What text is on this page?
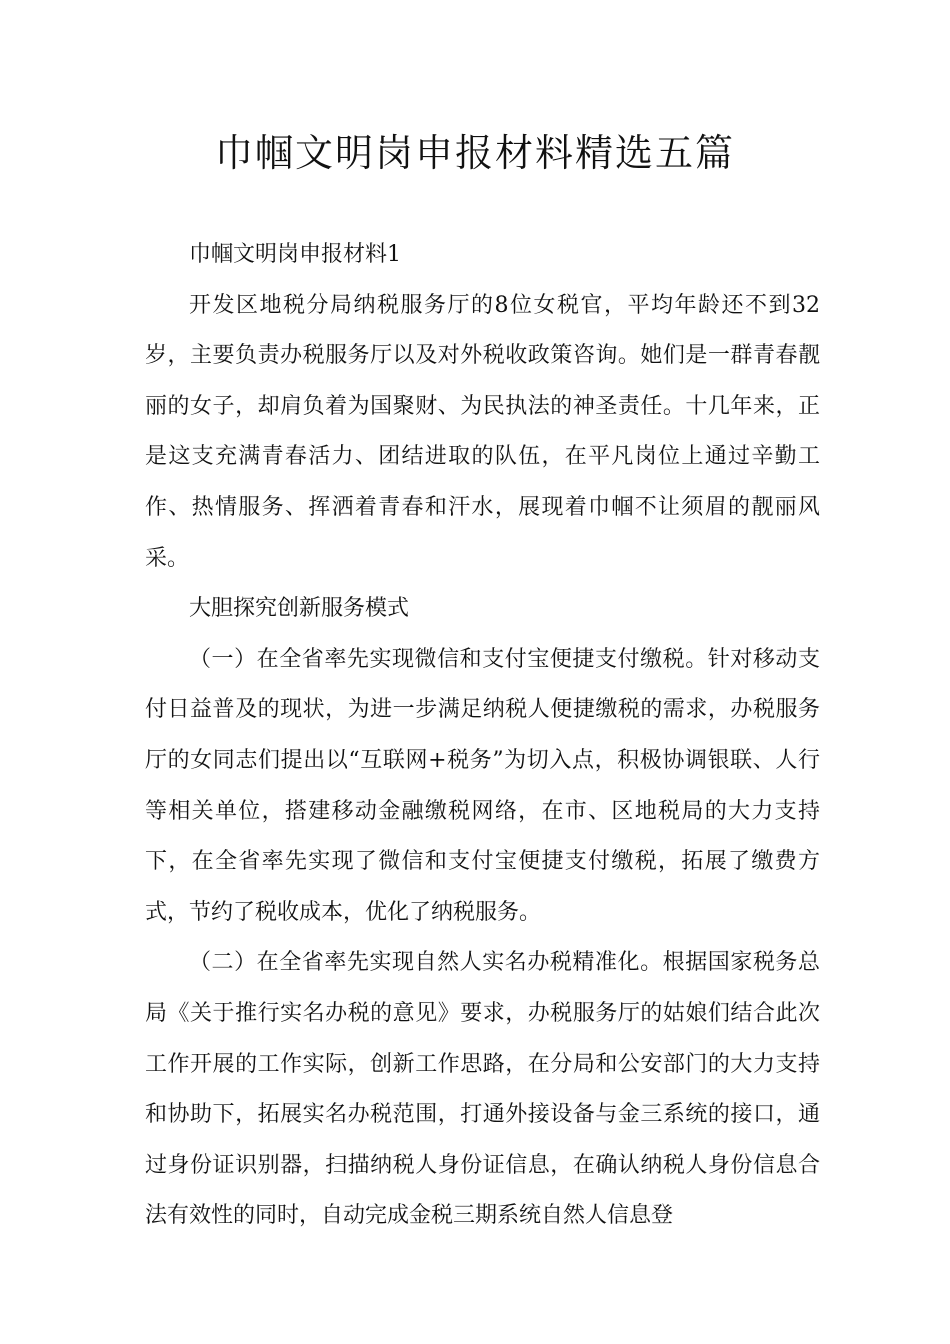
巾帼文明岗申报材料精选五篇

巾帼文明岗申报材料1

开发区地税分局纳税服务厅的8位女税官，平均年龄还不到32岁，主要负责办税服务厅以及对外税收政策咨询。她们是一群青春靓丽的女子，却肩负着为国聚财、为民执法的神圣责任。十几年来，正是这支充满青春活力、团结进取的队伍，在平凡岗位上通过辛勤工作、热情服务、挥洒着青春和汗水，展现着巾帼不让须眉的靓丽风采。

大胆探究创新服务模式

（一）在全省率先实现微信和支付宝便捷支付缴税。针对移动支付日益普及的现状，为进一步满足纳税人便捷缴税的需求，办税服务厅的女同志们提出以“互联网+税务”为切入点，积极协调银联、人行等相关单位，搭建移动金融缴税网络，在市、区地税局的大力支持下，在全省率先实现了微信和支付宝便捷支付缴税，拓展了缴费方式，节约了税收成本，优化了纳税服务。

（二）在全省率先实现自然人实名办税精准化。根据国家税务总局《关于推行实名办税的意见》要求，办税服务厅的姑娘们结合此次工作开展的工作实际，创新工作思路，在分局和公安部门的大力支持和协助下，拓展实名办税范围，打通外接设备与金三系统的接口，通过身份证识别器，扫描纳税人身份证信息，在确认纳税人身份信息合法有效性的同时，自动完成金税三期系统自然人信息登
